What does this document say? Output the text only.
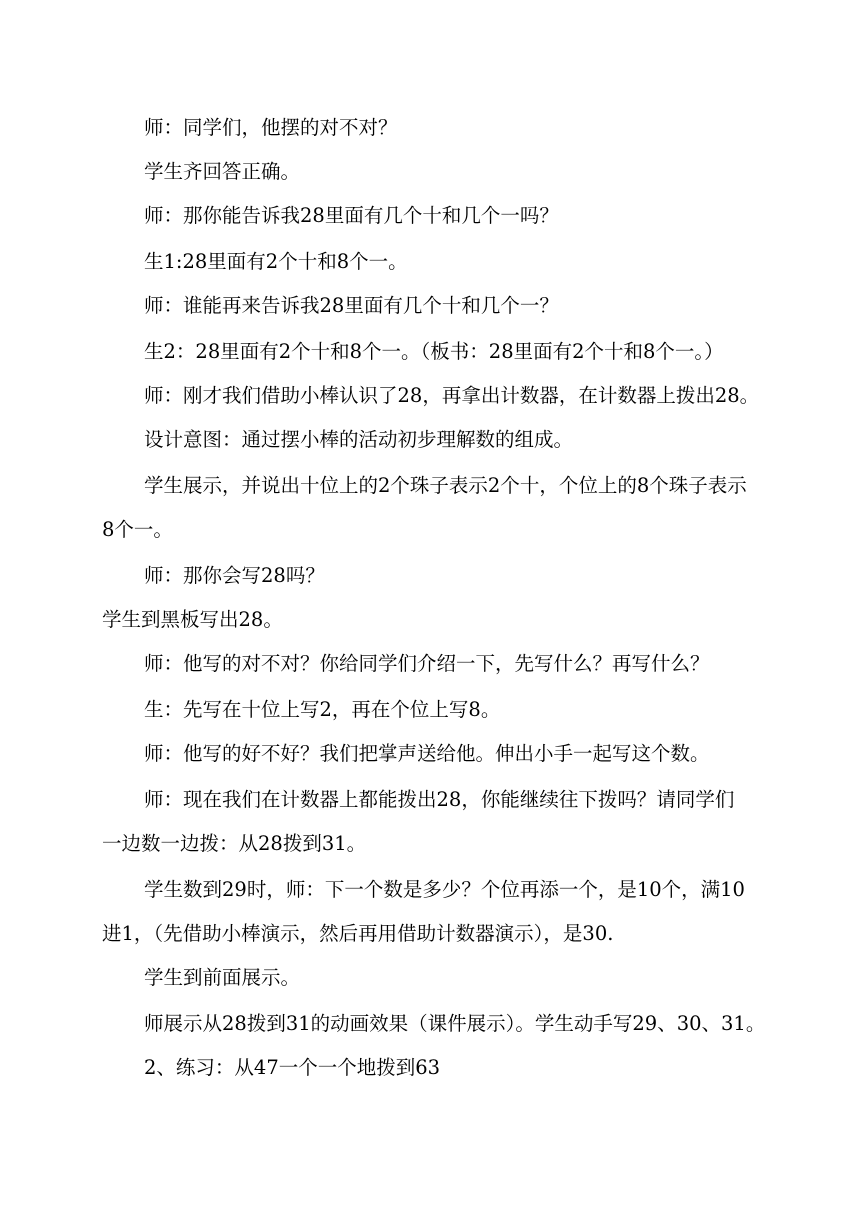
师：同学们，他摆的对不对？
学生齐回答正确。
师：那你能告诉我28里面有几个十和几个一吗？
生1:28里面有2个十和8个一。
师：谁能再来告诉我28里面有几个十和几个一？
生2：28里面有2个十和8个一。（板书：28里面有2个十和8个一。）
师：刚才我们借助小棒认识了28，再拿出计数器，在计数器上拨出28。
设计意图：通过摆小棒的活动初步理解数的组成。
学生展示，并说出十位上的2个珠子表示2个十，个位上的8个珠子表示
8个一。
师：那你会写28吗？
学生到黑板写出28。
师：他写的对不对？你给同学们介绍一下，先写什么？再写什么？
生：先写在十位上写2，再在个位上写8。
师：他写的好不好？我们把掌声送给他。伸出小手一起写这个数。
师：现在我们在计数器上都能拨出28，你能继续往下拨吗？请同学们
一边数一边拨：从28拨到31。
学生数到29时，师：下一个数是多少？个位再添一个，是10个，满10
进1，（先借助小棒演示，然后再用借助计数器演示），是30.
学生到前面展示。
师展示从28拨到31的动画效果（课件展示）。学生动手写29、30、31。
2、练习：从47一个一个地拨到63
